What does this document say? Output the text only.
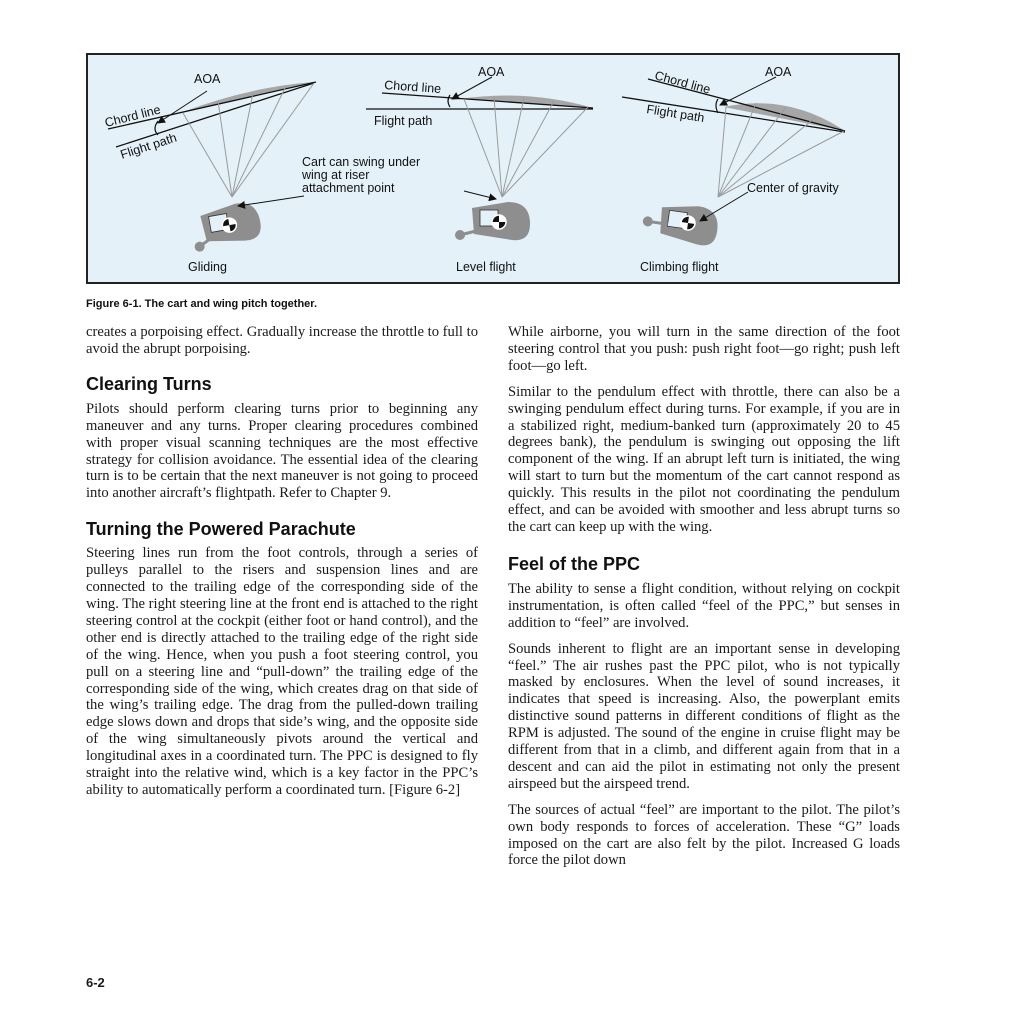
AOA
Chord line
Flight path
Gliding
Cart can swing under
wing at riser
attachment point
AOA
Chord line
Flight path
Level flight
AOA
Chord line
Flight path
Center of gravity
Climbing flight
Figure 6-1. The cart and wing pitch together.

creates a porpoising effect. Gradually increase the throttle to full to avoid the abrupt porpoising.

Clearing Turns

Pilots should perform clearing turns prior to beginning any maneuver and any turns. Proper clearing procedures combined with proper visual scanning techniques are the most effective strategy for collision avoidance. The essential idea of the clearing turn is to be certain that the next maneuver is not going to proceed into another aircraft’s flightpath. Refer to Chapter 9.

Turning the Powered Parachute

Steering lines run from the foot controls, through a series of pulleys parallel to the risers and suspension lines and are connected to the trailing edge of the corresponding side of the wing. The right steering line at the front end is attached to the right steering control at the cockpit (either foot or hand control), and the other end is directly attached to the trailing edge of the right side of the wing. Hence, when you push a foot steering control, you pull on a steering line and “pull-down” the trailing edge of the corresponding side of the wing, which creates drag on that side of the wing’s trailing edge. The drag from the pulled-down trailing edge slows down and drops that side’s wing, and the opposite side of the wing simultaneously pivots around the vertical and longitudinal axes in a coordinated turn. The PPC is designed to fly straight into the relative wind, which is a key factor in the PPC’s ability to automatically perform a coordinated turn. [Figure 6-2]

While airborne, you will turn in the same direction of the foot steering control that you push: push right foot—go right; push left foot—go left.

Similar to the pendulum effect with throttle, there can also be a swinging pendulum effect during turns. For example, if you are in a stabilized right, medium-banked turn (approximately 20 to 45 degrees bank), the pendulum is swinging out opposing the lift component of the wing. If an abrupt left turn is initiated, the wing will start to turn but the momentum of the cart cannot respond as quickly. This results in the pilot not coordinating the pendulum effect, and can be avoided with smoother and less abrupt turns so the cart can keep up with the wing.

Feel of the PPC

The ability to sense a flight condition, without relying on cockpit instrumentation, is often called “feel of the PPC,” but senses in addition to “feel” are involved.

Sounds inherent to flight are an important sense in developing “feel.” The air rushes past the PPC pilot, who is not typically masked by enclosures. When the level of sound increases, it indicates that speed is increasing. Also, the powerplant emits distinctive sound patterns in different conditions of flight as the RPM is adjusted. The sound of the engine in cruise flight may be different from that in a climb, and different again from that in a descent and can aid the pilot in estimating not only the present airspeed but the airspeed trend.

The sources of actual “feel” are important to the pilot. The pilot’s own body responds to forces of acceleration. These “G” loads imposed on the cart are also felt by the pilot. Increased G loads force the pilot down

6-2
